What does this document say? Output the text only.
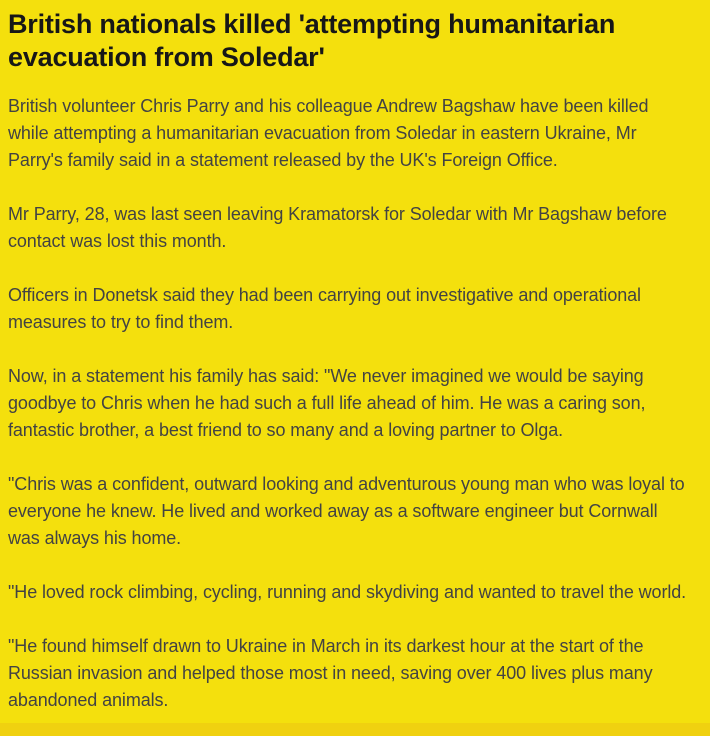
British nationals killed 'attempting humanitarian evacuation from Soledar'

British volunteer Chris Parry and his colleague Andrew Bagshaw have been killed while attempting a humanitarian evacuation from Soledar in eastern Ukraine, Mr Parry's family said in a statement released by the UK's Foreign Office.

Mr Parry, 28, was last seen leaving Kramatorsk for Soledar with Mr Bagshaw before contact was lost this month.

Officers in Donetsk said they had been carrying out investigative and operational measures to try to find them.

Now, in a statement his family has said: "We never imagined we would be saying goodbye to Chris when he had such a full life ahead of him. He was a caring son, fantastic brother, a best friend to so many and a loving partner to Olga.

"Chris was a confident, outward looking and adventurous young man who was loyal to everyone he knew. He lived and worked away as a software engineer but Cornwall was always his home.

"He loved rock climbing, cycling, running and skydiving and wanted to travel the world.

"He found himself drawn to Ukraine in March in its darkest hour at the start of the Russian invasion and helped those most in need, saving over 400 lives plus many abandoned animals.
